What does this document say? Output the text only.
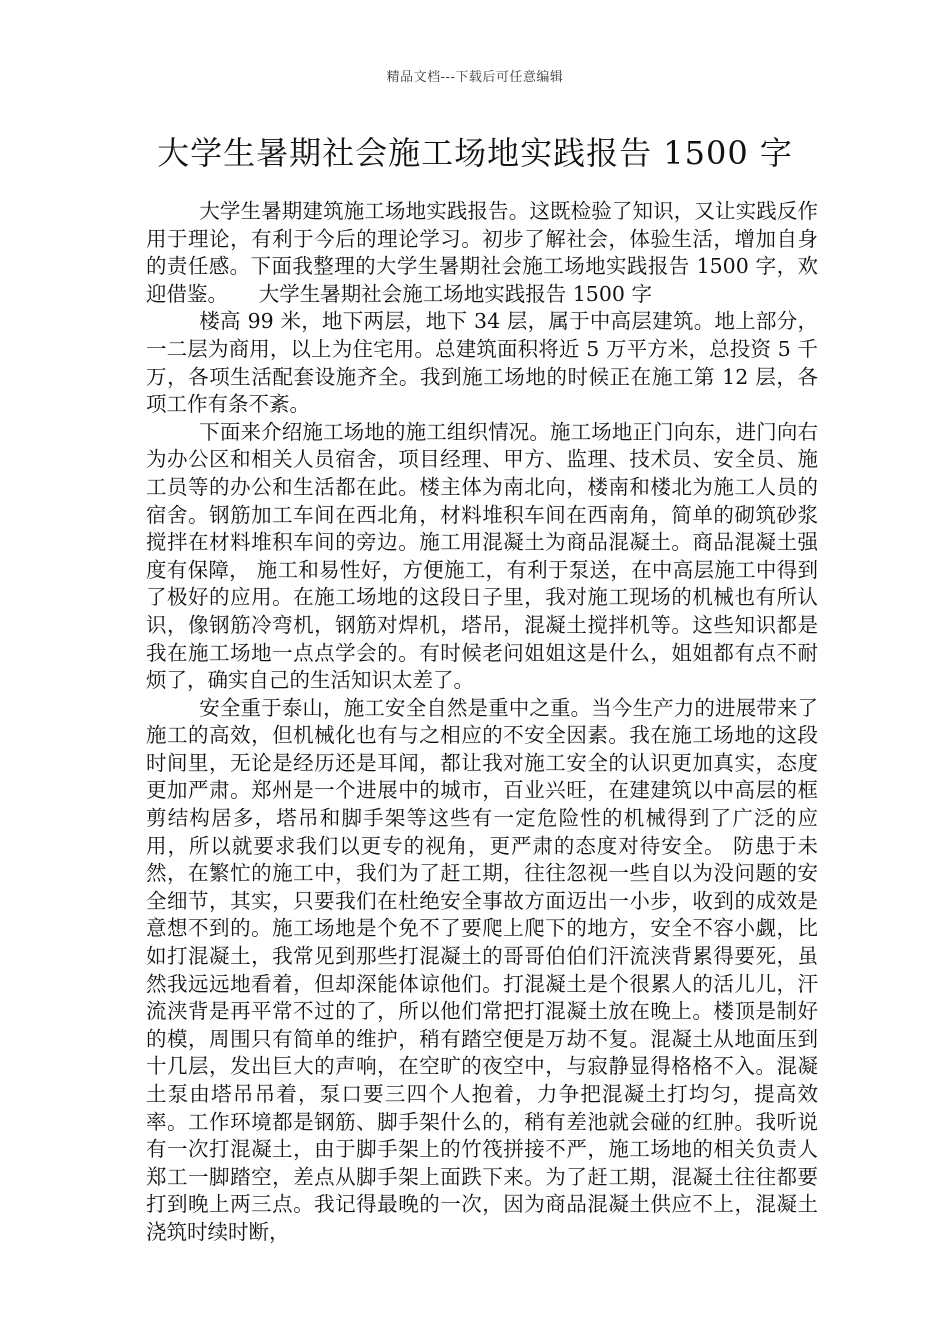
精品文档---下载后可任意编辑
大学生暑期社会施工场地实践报告 1500 字

大学生暑期建筑施工场地实践报告。这既检验了知识，又让实践反作用于理论，有利于今后的理论学习。初步了解社会，体验生活，增加自身的责任感。下面我整理的大学生暑期社会施工场地实践报告 1500 字，欢迎借鉴。　　大学生暑期社会施工场地实践报告 1500 字

楼高 99 米，地下两层，地下 34 层，属于中高层建筑。地上部分，一二层为商用，以上为住宅用。总建筑面积将近 5 万平方米，总投资 5 千万，各项生活配套设施齐全。我到施工场地的时候正在施工第 12 层，各项工作有条不紊。

下面来介绍施工场地的施工组织情况。施工场地正门向东，进门向右为办公区和相关人员宿舍，项目经理、甲方、监理、技术员、安全员、施工员等的办公和生活都在此。楼主体为南北向，楼南和楼北为施工人员的宿舍。钢筋加工车间在西北角，材料堆积车间在西南角，简单的砌筑砂浆搅拌在材料堆积车间的旁边。施工用混凝土为商品混凝土。商品混凝土强度有保障， 施工和易性好，方便施工，有利于泵送，在中高层施工中得到了极好的应用。在施工场地的这段日子里，我对施工现场的机械也有所认识，像钢筋冷弯机，钢筋对焊机，塔吊，混凝土搅拌机等。这些知识都是我在施工场地一点点学会的。有时候老问姐姐这是什么，姐姐都有点不耐烦了，确实自己的生活知识太差了。

安全重于泰山，施工安全自然是重中之重。当今生产力的进展带来了施工的高效，但机械化也有与之相应的不安全因素。我在施工场地的这段时间里，无论是经历还是耳闻，都让我对施工安全的认识更加真实，态度更加严肃。郑州是一个进展中的城市，百业兴旺，在建建筑以中高层的框剪结构居多，塔吊和脚手架等这些有一定危险性的机械得到了广泛的应用，所以就要求我们以更专的视角，更严肃的态度对待安全。 防患于未然，在繁忙的施工中，我们为了赶工期，往往忽视一些自以为没问题的安全细节，其实，只要我们在杜绝安全事故方面迈出一小步，收到的成效是意想不到的。施工场地是个免不了要爬上爬下的地方，安全不容小觑，比如打混凝土，我常见到那些打混凝土的哥哥伯伯们汗流浃背累得要死，虽然我远远地看着，但却深能体谅他们。打混凝土是个很累人的活儿儿，汗流浃背是再平常不过的了，所以他们常把打混凝土放在晚上。楼顶是制好的模，周围只有简单的维护，稍有踏空便是万劫不复。混凝土从地面压到十几层，发出巨大的声响，在空旷的夜空中，与寂静显得格格不入。混凝土泵由塔吊吊着，泵口要三四个人抱着，力争把混凝土打均匀，提高效率。工作环境都是钢筋、脚手架什么的，稍有差池就会碰的红肿。我听说有一次打混凝土，由于脚手架上的竹筏拼接不严，施工场地的相关负责人郑工一脚踏空，差点从脚手架上面跌下来。为了赶工期，混凝土往往都要打到晚上两三点。我记得最晚的一次，因为商品混凝土供应不上，混凝土浇筑时续时断，
